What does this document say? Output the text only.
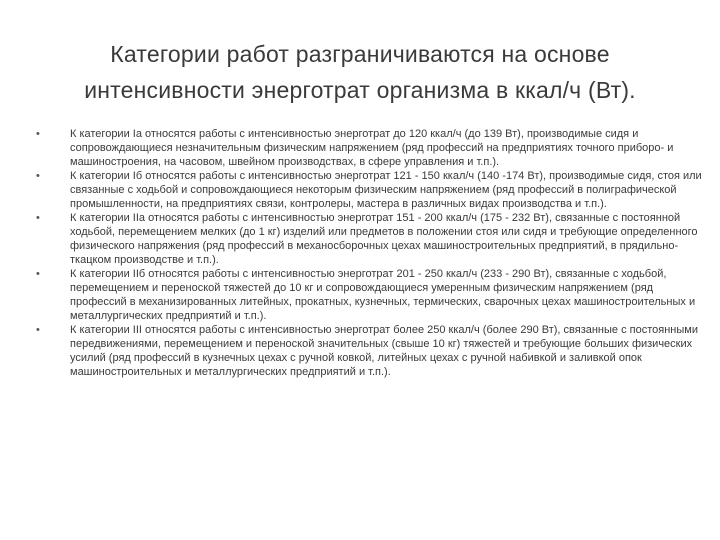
Категории работ разграничиваются на основе
интенсивности энерготрат организма в ккал/ч (Вт).
•	К категории Iа относятся работы с интенсивностью энерготрат до 120 ккал/ч (до 139 Вт), производимые сидя и сопровождающиеся незначительным физическим напряжением (ряд профессий на предприятиях точного приборо- и машиностроения, на часовом, швейном производствах, в сфере управления и т.п.).
•	К категории Iб относятся работы с интенсивностью энерготрат 121 - 150 ккал/ч (140 -174 Вт), производимые сидя, стоя или связанные с ходьбой и сопровождающиеся некоторым физическим напряжением (ряд профессий в полиграфической промышленности, на предприятиях связи, контролеры, мастера в различных видах производства и т.п.).
•	К категории IIа относятся работы с интенсивностью энерготрат 151 - 200 ккал/ч (175 - 232 Вт), связанные с постоянной ходьбой, перемещением мелких (до 1 кг) изделий или предметов в положении стоя или сидя и требующие определенного физического напряжения (ряд профессий в механосборочных цехах машиностроительных предприятий, в прядильно-ткацком производстве и т.п.).
•	К категории IIб относятся работы с интенсивностью энерготрат 201 - 250 ккал/ч (233 - 290 Вт), связанные с ходьбой, перемещением и переноской тяжестей до 10 кг и сопровождающиеся умеренным физическим напряжением (ряд профессий в механизированных литейных, прокатных, кузнечных, термических, сварочных цехах машиностроительных и металлургических предприятий и т.п.).
•	К категории III относятся работы с интенсивностью энерготрат более 250 ккал/ч (более 290 Вт), связанные с постоянными передвижениями, перемещением и переноской значительных (свыше 10 кг) тяжестей и требующие больших физических усилий (ряд профессий в кузнечных цехах с ручной ковкой, литейных цехах с ручной набивкой и заливкой опок машиностроительных и металлургических предприятий и т.п.).
